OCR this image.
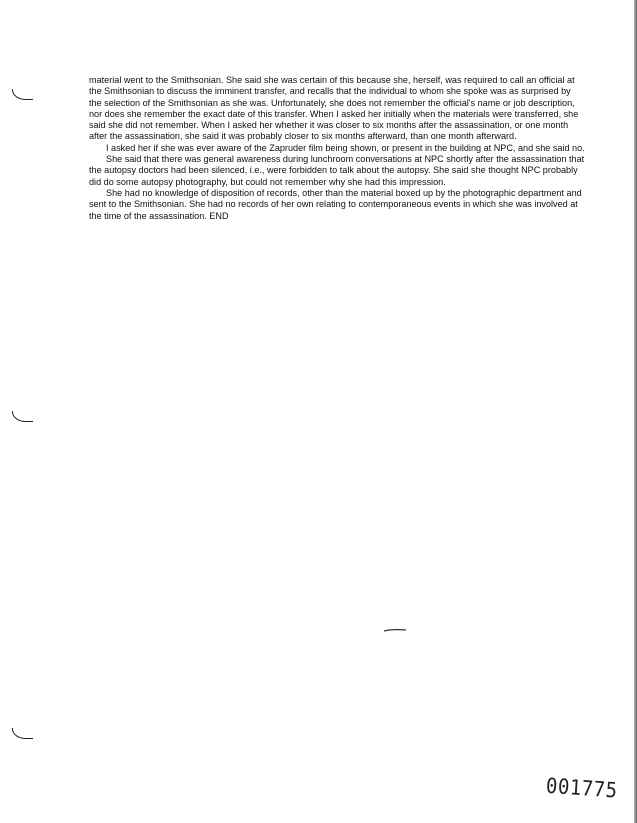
material went to the Smithsonian. She said she was certain of this because she, herself, was required to call an official at the Smithsonian to discuss the imminent transfer, and recalls that the individual to whom she spoke was as surprised by the selection of the Smithsonian as she was. Unfortunately, she does not remember the official's name or job description, nor does she remember the exact date of this transfer. When I asked her initially when the materials were transferred, she said she did not remember. When I asked her whether it was closer to six months after the assassination, or one month after the assassination, she said it was probably closer to six months afterward, than one month afterward.

I asked her if she was ever aware of the Zapruder film being shown, or present in the building at NPC, and she said no.

She said that there was general awareness during lunchroom conversations at NPC shortly after the assassination that the autopsy doctors had been silenced, i.e., were forbidden to talk about the autopsy. She said she thought NPC probably did do some autopsy photography, but could not remember why she had this impression.

She had no knowledge of disposition of records, other than the material boxed up by the photographic department and sent to the Smithsonian. She had no records of her own relating to contemporaneous events in which she was involved at the time of the assassination. END

001775
